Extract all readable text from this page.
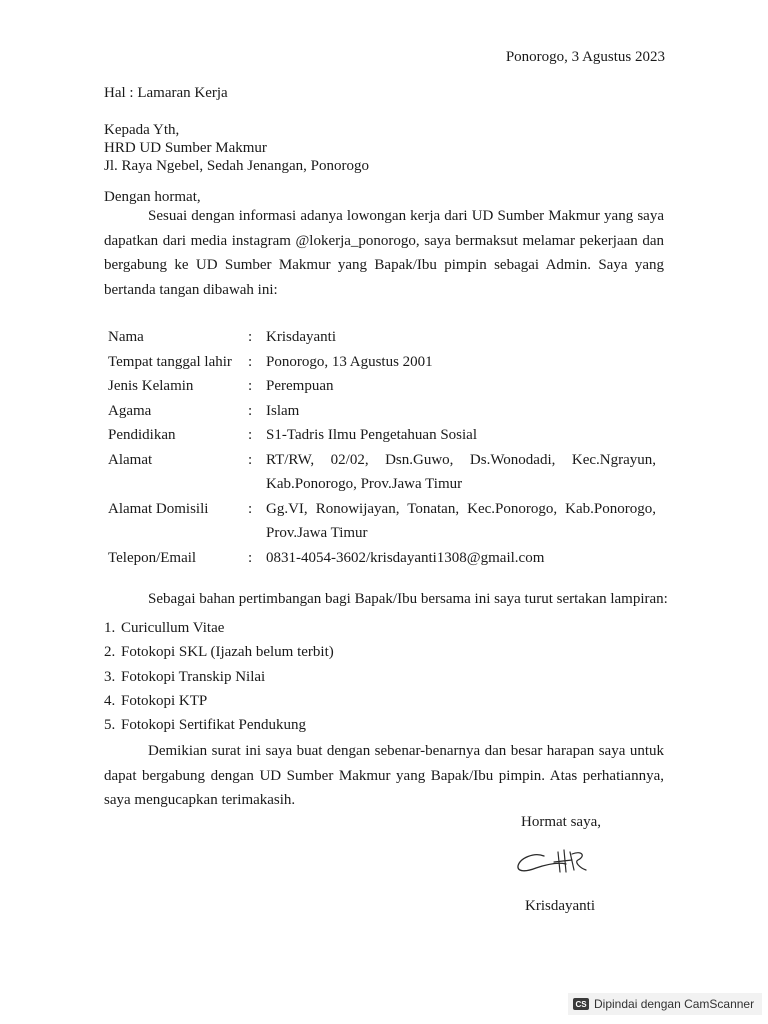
Ponorogo, 3 Agustus 2023
Hal : Lamaran Kerja
Kepada Yth,
HRD UD Sumber Makmur
Jl. Raya Ngebel, Sedah Jenangan, Ponorogo
Dengan hormat,
Sesuai dengan informasi adanya lowongan kerja dari UD Sumber Makmur yang saya dapatkan dari media instagram @lokerja_ponorogo, saya bermaksut melamar pekerjaan dan bergabung ke UD Sumber Makmur yang Bapak/Ibu pimpin sebagai Admin. Saya yang bertanda tangan dibawah ini:
Nama	:	Krisdayanti
Tempat tanggal lahir	:	Ponorogo, 13 Agustus 2001
Jenis Kelamin	:	Perempuan
Agama	:	Islam
Pendidikan	:	S1-Tadris Ilmu Pengetahuan Sosial
Alamat	:	RT/RW, 02/02, Dsn.Guwo, Ds.Wonodadi, Kec.Ngrayun, Kab.Ponorogo, Prov.Jawa Timur
Alamat Domisili	:	Gg.VI, Ronowijayan, Tonatan, Kec.Ponorogo, Kab.Ponorogo, Prov.Jawa Timur
Telepon/Email	:	0831-4054-3602/krisdayanti1308@gmail.com
Sebagai bahan pertimbangan bagi Bapak/Ibu bersama ini saya turut sertakan lampiran:
1. Curicullum Vitae
2. Fotokopi SKL (Ijazah belum terbit)
3. Fotokopi Transkip Nilai
4. Fotokopi KTP
5. Fotokopi Sertifikat Pendukung
Demikian surat ini saya buat dengan sebenar-benarnya dan besar harapan saya untuk dapat bergabung dengan UD Sumber Makmur yang Bapak/Ibu pimpin. Atas perhatiannya, saya mengucapkan terimakasih.
Hormat saya,
Krisdayanti
CS Dipindai dengan CamScanner
